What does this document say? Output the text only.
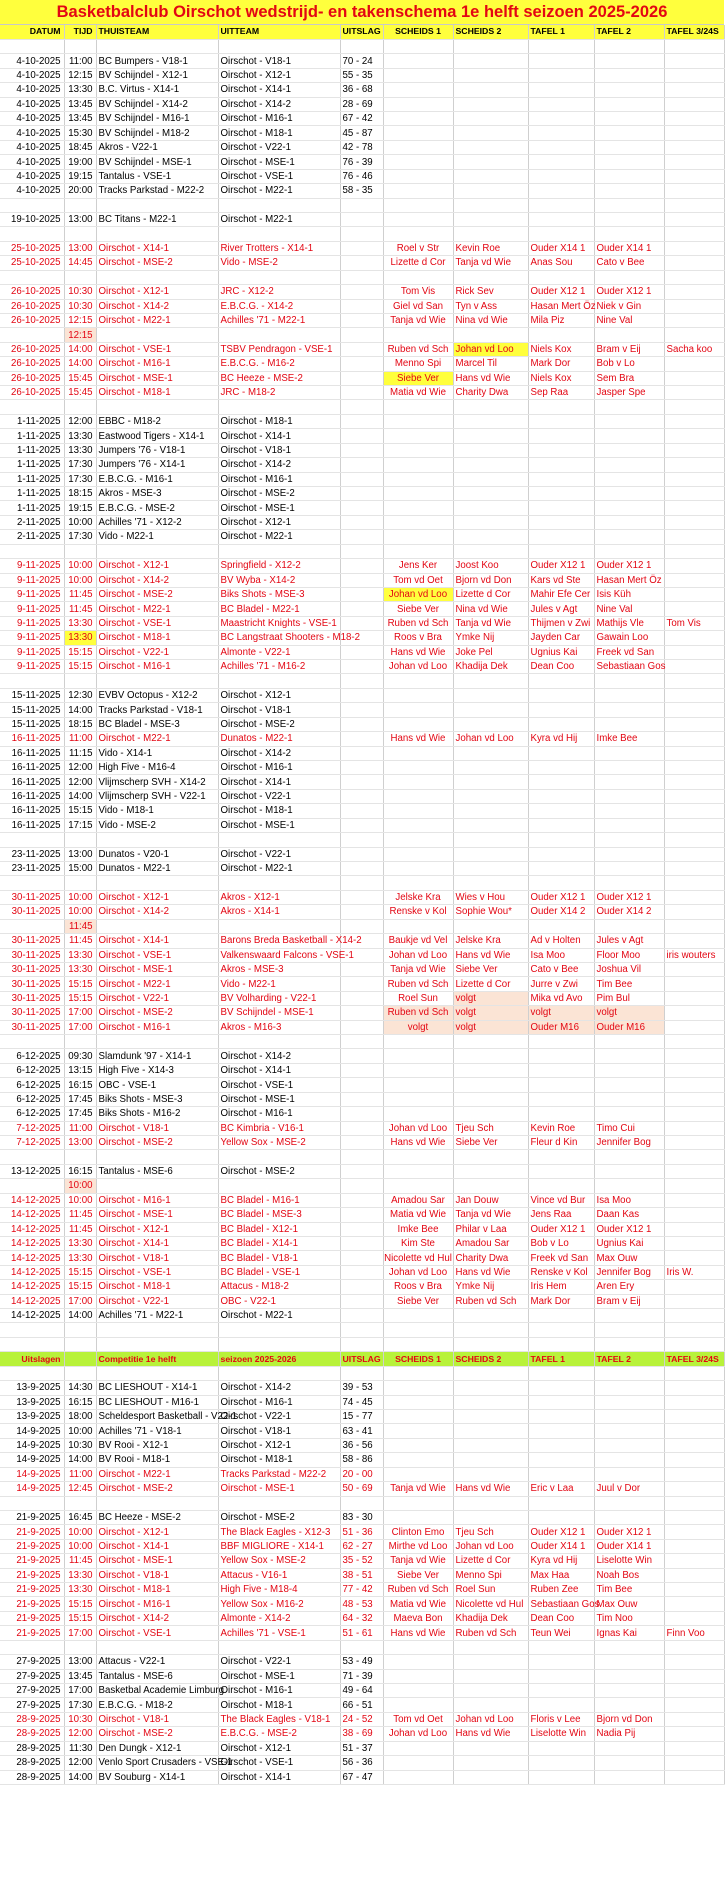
Basketbalclub Oirschot wedstrijd- en takenschema 1e helft seizoen 2025-2026
DATUM	TIJD	THUISTEAM	UITTEAM	UITSLAG	SCHEIDS 1	SCHEIDS 2	TAFEL 1	TAFEL 2	TAFEL 3/24S

4-10-2025	11:00	BC Bumpers - V18-1	Oirschot - V18-1	70 - 24					
4-10-2025	12:15	BV Schijndel - X12-1	Oirschot - X12-1	55 - 35					
4-10-2025	13:30	B.C. Virtus - X14-1	Oirschot - X14-1	36 - 68					
4-10-2025	13:45	BV Schijndel - X14-2	Oirschot - X14-2	28 - 69					
4-10-2025	13:45	BV Schijndel - M16-1	Oirschot - M16-1	67 - 42					
4-10-2025	15:30	BV Schijndel - M18-2	Oirschot - M18-1	45 - 87					
4-10-2025	18:45	Akros - V22-1	Oirschot - V22-1	42 - 78					
4-10-2025	19:00	BV Schijndel - MSE-1	Oirschot - MSE-1	76 - 39					
4-10-2025	19:15	Tantalus - VSE-1	Oirschot - VSE-1	76 - 46					
4-10-2025	20:00	Tracks Parkstad - M22-2	Oirschot - M22-1	58 - 35					

19-10-2025	13:00	BC Titans - M22-1	Oirschot - M22-1						

25-10-2025	13:00	Oirschot - X14-1	River Trotters - X14-1		Roel v Str	Kevin Roe	Ouder X14 1	Ouder X14 1	
25-10-2025	14:45	Oirschot - MSE-2	Vido - MSE-2		Lizette d Cor	Tanja vd Wie	Anas Sou	Cato v Bee	

26-10-2025	10:30	Oirschot - X12-1	JRC - X12-2		Tom Vis	Rick Sev	Ouder X12 1	Ouder X12 1	
26-10-2025	10:30	Oirschot - X14-2	E.B.C.G. - X14-2		Giel vd San	Tyn v Ass	Hasan Mert Öz	Niek v Gin	
26-10-2025	12:15	Oirschot - M22-1	Achilles '71 - M22-1		Tanja vd Wie	Nina vd Wie	Mila Piz	Nine Val	
	12:15								
26-10-2025	14:00	Oirschot - VSE-1	TSBV Pendragon - VSE-1		Ruben vd Sch	Johan vd Loo	Niels Kox	Bram v Eij	Sacha koo
26-10-2025	14:00	Oirschot - M16-1	E.B.C.G. - M16-2		Menno Spi	Marcel Til	Mark Dor	Bob v Lo	
26-10-2025	15:45	Oirschot - MSE-1	BC Heeze - MSE-2		Siebe Ver	Hans vd Wie	Niels Kox	Sem Bra	
26-10-2025	15:45	Oirschot - M18-1	JRC - M18-2		Matia vd Wie	Charity Dwa	Sep Raa	Jasper Spe	

1-11-2025	12:00	EBBC - M18-2	Oirschot - M18-1						
1-11-2025	13:30	Eastwood Tigers - X14-1	Oirschot - X14-1						
1-11-2025	13:30	Jumpers '76 - V18-1	Oirschot - V18-1						
1-11-2025	17:30	Jumpers '76 - X14-1	Oirschot - X14-2						
1-11-2025	17:30	E.B.C.G. - M16-1	Oirschot - M16-1						
1-11-2025	18:15	Akros - MSE-3	Oirschot - MSE-2						
1-11-2025	19:15	E.B.C.G. - MSE-2	Oirschot - MSE-1						
2-11-2025	10:00	Achilles '71 - X12-2	Oirschot - X12-1						
2-11-2025	17:30	Vido - M22-1	Oirschot - M22-1						

9-11-2025	10:00	Oirschot - X12-1	Springfield - X12-2		Jens Ker	Joost Koo	Ouder X12 1	Ouder X12 1	
9-11-2025	10:00	Oirschot - X14-2	BV Wyba - X14-2		Tom vd Oet	Bjorn vd Don	Kars vd Ste	Hasan Mert Öz	
9-11-2025	11:45	Oirschot - MSE-2	Biks Shots - MSE-3		Johan vd Loo	Lizette d Cor	Mahir Efe Cer	Isis Küh	
9-11-2025	11:45	Oirschot - M22-1	BC Bladel - M22-1		Siebe Ver	Nina vd Wie	Jules v Agt	Nine Val	
9-11-2025	13:30	Oirschot - VSE-1	Maastricht Knights - VSE-1		Ruben vd Sch	Tanja vd Wie	Thijmen v Zwi	Mathijs Vle	Tom Vis
9-11-2025	13:30	Oirschot - M18-1	BC Langstraat Shooters - M18-2		Roos v Bra	Ymke Nij	Jayden Car	Gawain Loo	
9-11-2025	15:15	Oirschot - V22-1	Almonte - V22-1		Hans vd Wie	Joke Pel	Ugnius Kai	Freek vd San	
9-11-2025	15:15	Oirschot - M16-1	Achilles '71 - M16-2		Johan vd Loo	Khadija Dek	Dean Coo	Sebastiaan Gos	

15-11-2025	12:30	EVBV Octopus - X12-2	Oirschot - X12-1						
15-11-2025	14:00	Tracks Parkstad - V18-1	Oirschot - V18-1						
15-11-2025	18:15	BC Bladel - MSE-3	Oirschot - MSE-2						
16-11-2025	11:00	Oirschot - M22-1	Dunatos - M22-1		Hans vd Wie	Johan vd Loo	Kyra vd Hij	Imke Bee	
16-11-2025	11:15	Vido - X14-1	Oirschot - X14-2						
16-11-2025	12:00	High Five - M16-4	Oirschot - M16-1						
16-11-2025	12:00	Vlijmscherp SVH - X14-2	Oirschot - X14-1						
16-11-2025	14:00	Vlijmscherp SVH - V22-1	Oirschot - V22-1						
16-11-2025	15:15	Vido - M18-1	Oirschot - M18-1						
16-11-2025	17:15	Vido - MSE-2	Oirschot - MSE-1						

23-11-2025	13:00	Dunatos - V20-1	Oirschot - V22-1						
23-11-2025	15:00	Dunatos - M22-1	Oirschot - M22-1						

30-11-2025	10:00	Oirschot - X12-1	Akros - X12-1		Jelske Kra	Wies v Hou	Ouder X12 1	Ouder X12 1	
30-11-2025	10:00	Oirschot - X14-2	Akros - X14-1		Renske v Kol	Sophie Wou*	Ouder X14 2	Ouder X14 2	
	11:45								
30-11-2025	11:45	Oirschot - X14-1	Barons Breda Basketball - X14-2		Baukje vd Vel	Jelske Kra	Ad v Holten	Jules v Agt	
30-11-2025	13:30	Oirschot - VSE-1	Valkenswaard Falcons - VSE-1		Johan vd Loo	Hans vd Wie	Isa Moo	Floor Moo	iris wouters
30-11-2025	13:30	Oirschot - MSE-1	Akros - MSE-3		Tanja vd Wie	Siebe Ver	Cato v Bee	Joshua Vil	
30-11-2025	15:15	Oirschot - M22-1	Vido - M22-1		Ruben vd Sch	Lizette d Cor	Jurre v Zwi	Tim Bee	
30-11-2025	15:15	Oirschot - V22-1	BV Volharding - V22-1		Roel Sun	volgt	Mika vd Avo	Pim Bul	
30-11-2025	17:00	Oirschot - MSE-2	BV Schijndel - MSE-1		Ruben vd Sch	volgt	volgt	volgt	
30-11-2025	17:00	Oirschot - M16-1	Akros - M16-3		volgt	volgt	Ouder M16	Ouder M16	

6-12-2025	09:30	Slamdunk '97 - X14-1	Oirschot - X14-2						
6-12-2025	13:15	High Five - X14-3	Oirschot - X14-1						
6-12-2025	16:15	OBC - VSE-1	Oirschot - VSE-1						
6-12-2025	17:45	Biks Shots - MSE-3	Oirschot - MSE-1						
6-12-2025	17:45	Biks Shots - M16-2	Oirschot - M16-1						
7-12-2025	11:00	Oirschot - V18-1	BC Kimbria - V16-1		Johan vd Loo	Tjeu Sch	Kevin Roe	Timo Cui	
7-12-2025	13:00	Oirschot - MSE-2	Yellow Sox - MSE-2		Hans vd Wie	Siebe Ver	Fleur d Kin	Jennifer Bog	

13-12-2025	16:15	Tantalus - MSE-6	Oirschot - MSE-2						
	10:00								
14-12-2025	10:00	Oirschot - M16-1	BC Bladel - M16-1		Amadou Sar	Jan Douw	Vince vd Bur	Isa Moo	
14-12-2025	11:45	Oirschot - MSE-1	BC Bladel - MSE-3		Matia vd Wie	Tanja vd Wie	Jens Raa	Daan Kas	
14-12-2025	11:45	Oirschot - X12-1	BC Bladel - X12-1		Imke Bee	Philar v Laa	Ouder X12 1	Ouder X12 1	
14-12-2025	13:30	Oirschot - X14-1	BC Bladel - X14-1		Kim Ste	Amadou Sar	Bob v Lo	Ugnius Kai	
14-12-2025	13:30	Oirschot - V18-1	BC Bladel - V18-1		Nicolette vd Hul	Charity Dwa	Freek vd San	Max Ouw	
14-12-2025	15:15	Oirschot - VSE-1	BC Bladel - VSE-1		Johan vd Loo	Hans vd Wie	Renske v Kol	Jennifer Bog	Iris W.
14-12-2025	15:15	Oirschot - M18-1	Attacus - M18-2		Roos v Bra	Ymke Nij	Iris Hem	Aren Ery	
14-12-2025	17:00	Oirschot - V22-1	OBC - V22-1		Siebe Ver	Ruben vd Sch	Mark Dor	Bram v Eij	
14-12-2025	14:00	Achilles '71 - M22-1	Oirschot - M22-1						

Uitslagen		Competitie 1e helft	seizoen 2025-2026	UITSLAG	SCHEIDS 1	SCHEIDS 2	TAFEL 1	TAFEL 2	TAFEL 3/24S

13-9-2025	14:30	BC LIESHOUT - X14-1	Oirschot - X14-2	39 - 53					
13-9-2025	16:15	BC LIESHOUT - M16-1	Oirschot - M16-1	74 - 45					
13-9-2025	18:00	Scheldesport Basketball - V22-1	Oirschot - V22-1	15 - 77					
14-9-2025	10:00	Achilles '71 - V18-1	Oirschot - V18-1	63 - 41					
14-9-2025	10:30	BV Rooi - X12-1	Oirschot - X12-1	36 - 56					
14-9-2025	14:00	BV Rooi - M18-1	Oirschot - M18-1	58 - 86					
14-9-2025	11:00	Oirschot - M22-1	Tracks Parkstad - M22-2	20 - 00					
14-9-2025	12:45	Oirschot - MSE-2	Oirschot - MSE-1	50 - 69	Tanja vd Wie	Hans vd Wie	Eric v Laa	Juul v Dor	

21-9-2025	16:45	BC Heeze - MSE-2	Oirschot - MSE-2	83 - 30					
21-9-2025	10:00	Oirschot - X12-1	The Black Eagles - X12-3	51 - 36	Clinton Emo	Tjeu Sch	Ouder X12 1	Ouder X12 1	
21-9-2025	10:00	Oirschot - X14-1	BBF MIGLIORE - X14-1	62 - 27	Mirthe vd Loo	Johan vd Loo	Ouder X14 1	Ouder X14 1	
21-9-2025	11:45	Oirschot - MSE-1	Yellow Sox - MSE-2	35 - 52	Tanja vd Wie	Lizette d Cor	Kyra vd Hij	Liselotte Win	
21-9-2025	13:30	Oirschot - V18-1	Attacus - V16-1	38 - 51	Siebe Ver	Menno Spi	Max Haa	Noah Bos	
21-9-2025	13:30	Oirschot - M18-1	High Five - M18-4	77 - 42	Ruben vd Sch	Roel Sun	Ruben Zee	Tim Bee	
21-9-2025	15:15	Oirschot - M16-1	Yellow Sox - M16-2	48 - 53	Matia vd Wie	Nicolette vd Hul	Sebastiaan Gos	Max Ouw	
21-9-2025	15:15	Oirschot - X14-2	Almonte - X14-2	64 - 32	Maeva Bon	Khadija Dek	Dean Coo	Tim Noo	
21-9-2025	17:00	Oirschot - VSE-1	Achilles '71 - VSE-1	51 - 61	Hans vd Wie	Ruben vd Sch	Teun Wei	Ignas Kai	Finn Voo

27-9-2025	13:00	Attacus - V22-1	Oirschot - V22-1	53 - 49					
27-9-2025	13:45	Tantalus - MSE-6	Oirschot - MSE-1	71 - 39					
27-9-2025	17:00	Basketbal Academie Limburg	Oirschot - M16-1	49 - 64					
27-9-2025	17:30	E.B.C.G. - M18-2	Oirschot - M18-1	66 - 51					
28-9-2025	10:30	Oirschot - V18-1	The Black Eagles - V18-1	24 - 52	Tom vd Oet	Johan vd Loo	Floris v Lee	Bjorn vd Don	
28-9-2025	12:00	Oirschot - MSE-2	E.B.C.G. - MSE-2	38 - 69	Johan vd Loo	Hans vd Wie	Liselotte Win	Nadia Pij	
28-9-2025	11:30	Den Dungk - X12-1	Oirschot - X12-1	51 - 37					
28-9-2025	12:00	Venlo Sport Crusaders - VSE-1	Oirschot - VSE-1	56 - 36					
28-9-2025	14:00	BV Souburg - X14-1	Oirschot - X14-1	67 - 47					
